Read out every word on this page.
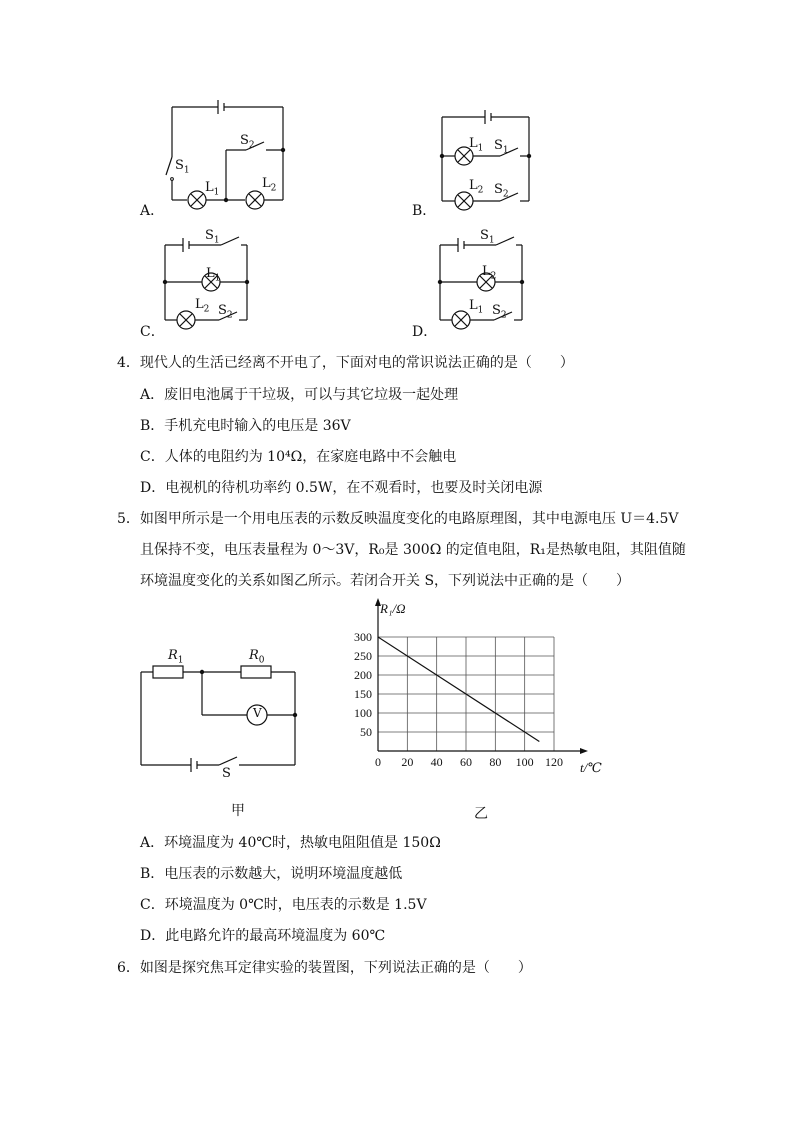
$S_1$
$S_2$
$L_1$
$L_2$
A．
$L_1$ $S_1$
$L_2$ $S_2$
B．
$S_1$
$L_1$
$L_2$ $S_2$
C．
$S_1$
$L_2$
$L_1$ $S_2$
D．
4．现代人的生活已经离不开电了，下面对电的常识说法正确的是（　　）
A．废旧电池属于干垃圾，可以与其它垃圾一起处理
B．手机充电时输入的电压是 36V
C．人体的电阻约为 10⁴Ω，在家庭电路中不会触电
D．电视机的待机功率约 0.5W，在不观看时，也要及时关闭电源
5．如图甲所示是一个用电压表的示数反映温度变化的电路原理图，其中电源电压 U＝4.5V
且保持不变，电压表量程为 0～3V，R₀是 300Ω 的定值电阻，R₁是热敏电阻，其阻值随
环境温度变化的关系如图乙所示。若闭合开关 S，下列说法中正确的是（　　）
$R_1$	$R_0$
V
S
甲
0 20 40 60 80 100 120
50
100
150
200
250
300
R₁/Ω
t/℃
乙
A．环境温度为 40℃时，热敏电阻阻值是 150Ω
B．电压表的示数越大，说明环境温度越低
C．环境温度为 0℃时，电压表的示数是 1.5V
D．此电路允许的最高环境温度为 60℃
6．如图是探究焦耳定律实验的装置图，下列说法正确的是（　　）
